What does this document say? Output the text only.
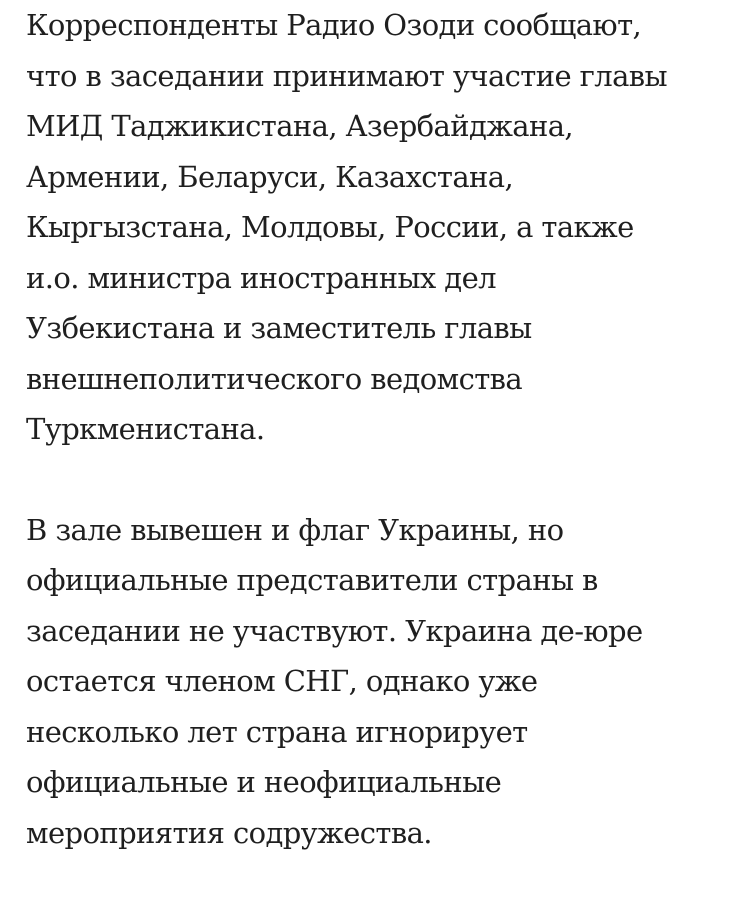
Корреспонденты Радио Озоди сообщают,
что в заседании принимают участие главы
МИД Таджикистана, Азербайджана,
Армении, Беларуси, Казахстана,
Кыргызстана, Молдовы, России, а также
и.о. министра иностранных дел
Узбекистана и заместитель главы
внешнеполитического ведомства
Туркменистана.

В зале вывешен и флаг Украины, но
официальные представители страны в
заседании не участвуют. Украина де-юре
остается членом СНГ, однако уже
несколько лет страна игнорирует
официальные и неофициальные
мероприятия содружества.
